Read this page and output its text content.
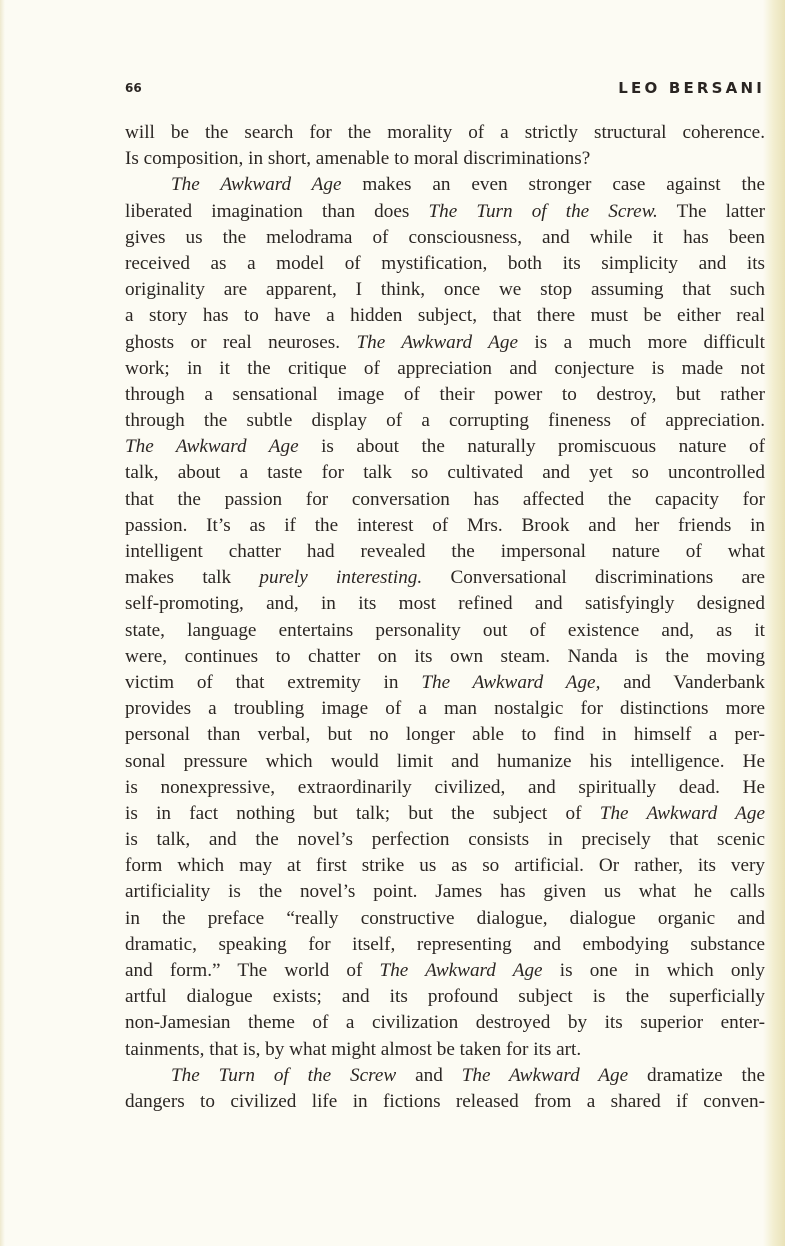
66	LEO BERSANI
will be the search for the morality of a strictly structural coherence.
Is composition, in short, amenable to moral discriminations?
The Awkward Age makes an even stronger case against the
liberated imagination than does The Turn of the Screw. The latter
gives us the melodrama of consciousness, and while it has been
received as a model of mystification, both its simplicity and its
originality are apparent, I think, once we stop assuming that such
a story has to have a hidden subject, that there must be either real
ghosts or real neuroses. The Awkward Age is a much more difficult
work; in it the critique of appreciation and conjecture is made not
through a sensational image of their power to destroy, but rather
through the subtle display of a corrupting fineness of appreciation.
The Awkward Age is about the naturally promiscuous nature of
talk, about a taste for talk so cultivated and yet so uncontrolled
that the passion for conversation has affected the capacity for
passion. It’s as if the interest of Mrs. Brook and her friends in
intelligent chatter had revealed the impersonal nature of what
makes talk purely interesting. Conversational discriminations are
self-promoting, and, in its most refined and satisfyingly designed
state, language entertains personality out of existence and, as it
were, continues to chatter on its own steam. Nanda is the moving
victim of that extremity in The Awkward Age, and Vanderbank
provides a troubling image of a man nostalgic for distinctions more
personal than verbal, but no longer able to find in himself a per-
sonal pressure which would limit and humanize his intelligence. He
is nonexpressive, extraordinarily civilized, and spiritually dead. He
is in fact nothing but talk; but the subject of The Awkward Age
is talk, and the novel’s perfection consists in precisely that scenic
form which may at first strike us as so artificial. Or rather, its very
artificiality is the novel’s point. James has given us what he calls
in the preface “really constructive dialogue, dialogue organic and
dramatic, speaking for itself, representing and embodying substance
and form.” The world of The Awkward Age is one in which only
artful dialogue exists; and its profound subject is the superficially
non-Jamesian theme of a civilization destroyed by its superior enter-
tainments, that is, by what might almost be taken for its art.
The Turn of the Screw and The Awkward Age dramatize the
dangers to civilized life in fictions released from a shared if conven-
